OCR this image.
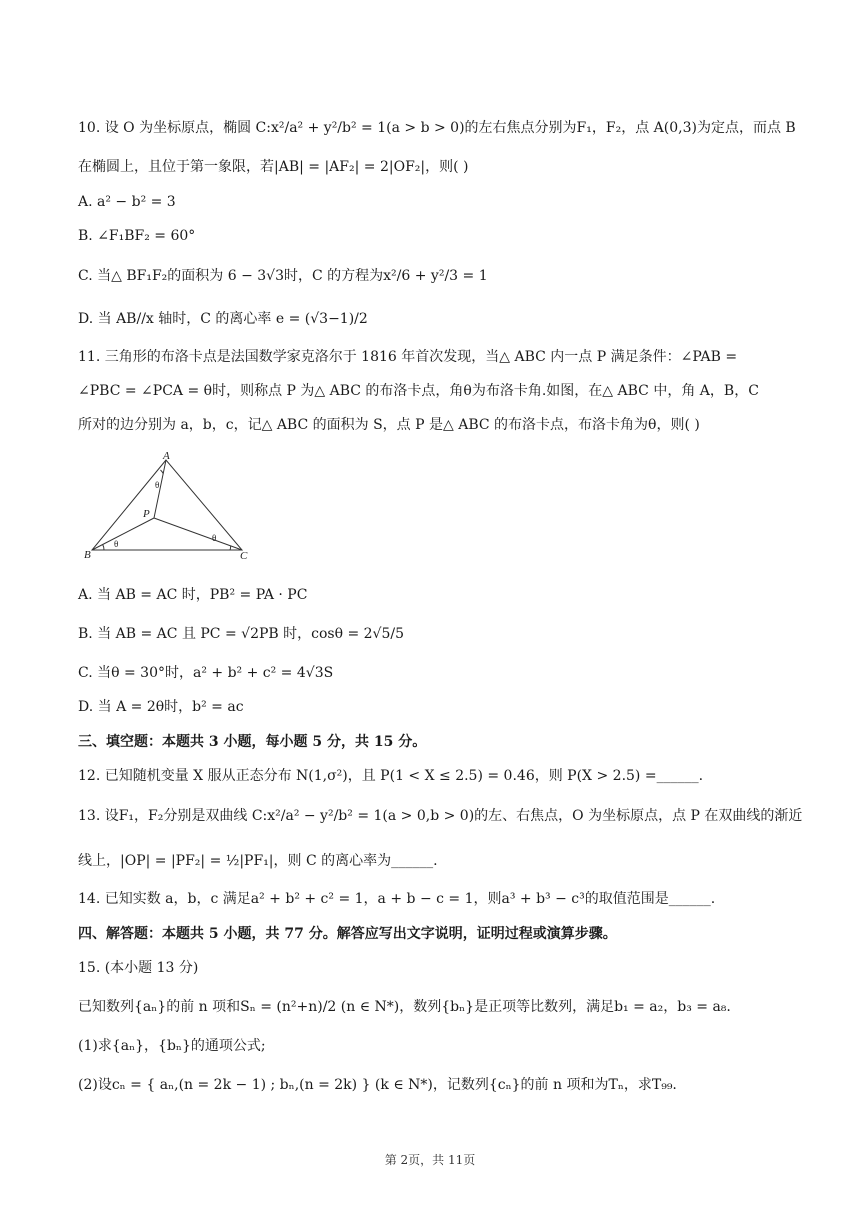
10. 设 O 为坐标原点，椭圆 C:x²/a² + y²/b² = 1(a > b > 0)的左右焦点分别为F₁，F₂，点 A(0,3)为定点，而点 B
在椭圆上，且位于第一象限，若|AB| = |AF₂| = 2|OF₂|，则( )
A. a² − b² = 3
B. ∠F₁BF₂ = 60°
C. 当△ BF₁F₂的面积为 6 − 3√3时，C 的方程为x²/6 + y²/3 = 1
D. 当 AB//x 轴时，C 的离心率 e = (√3−1)/2
11. 三角形的布洛卡点是法国数学家克洛尔于 1816 年首次发现，当△ ABC 内一点 P 满足条件：∠PAB =
∠PBC = ∠PCA = θ时，则称点 P 为△ ABC 的布洛卡点，角θ为布洛卡角.如图，在△ ABC 中，角 A，B，C
所对的边分别为 a，b，c，记△ ABC 的面积为 S，点 P 是△ ABC 的布洛卡点，布洛卡角为θ，则( )
A
B	C
P
θ
θ
θ
A. 当 AB = AC 时，PB² = PA · PC
B. 当 AB = AC 且 PC = √2PB 时，cosθ = 2√5/5
C. 当θ = 30°时，a² + b² + c² = 4√3S
D. 当 A = 2θ时，b² = ac
三、填空题：本题共 3 小题，每小题 5 分，共 15 分。
12. 已知随机变量 X 服从正态分布 N(1,σ²)，且 P(1 < X ≤ 2.5) = 0.46，则 P(X > 2.5) =______.
13. 设F₁，F₂分别是双曲线 C:x²/a² − y²/b² = 1(a > 0,b > 0)的左、右焦点，O 为坐标原点，点 P 在双曲线的渐近
线上，|OP| = |PF₂| = ½|PF₁|，则 C 的离心率为______.
14. 已知实数 a，b，c 满足a² + b² + c² = 1，a + b − c = 1，则a³ + b³ − c³的取值范围是______.
四、解答题：本题共 5 小题，共 77 分。解答应写出文字说明，证明过程或演算步骤。
15. (本小题 13 分)
已知数列{aₙ}的前 n 项和Sₙ = (n²+n)/2 (n ∈ N*)，数列{bₙ}是正项等比数列，满足b₁ = a₂，b₃ = a₈.
(1)求{aₙ}，{bₙ}的通项公式;
(2)设cₙ = { aₙ,(n = 2k − 1) ; bₙ,(n = 2k) } (k ∈ N*)，记数列{cₙ}的前 n 项和为Tₙ，求T₉₉.
第 2页，共 11页
